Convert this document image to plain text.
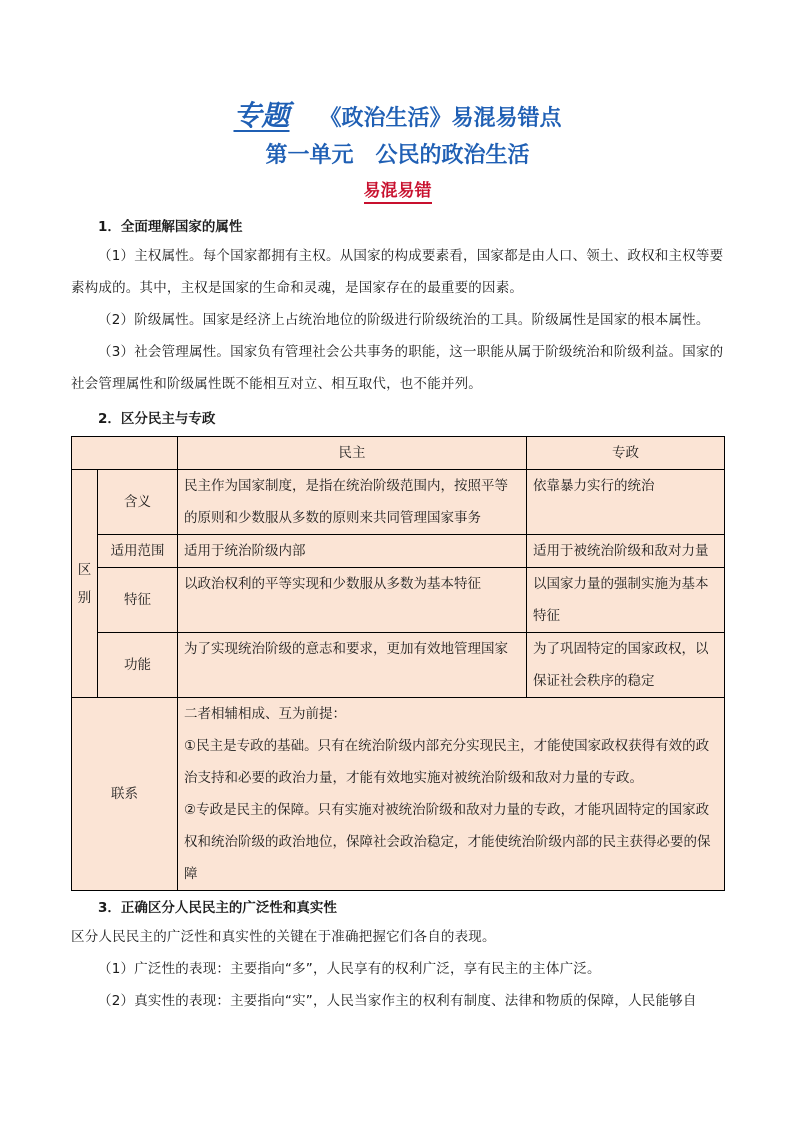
专题 《政治生活》易混易错点
第一单元　公民的政治生活
易混易错
1．全面理解国家的属性

（1）主权属性。每个国家都拥有主权。从国家的构成要素看，国家都是由人口、领土、政权和主权等要素构成的。其中，主权是国家的生命和灵魂，是国家存在的最重要的因素。

（2）阶级属性。国家是经济上占统治地位的阶级进行阶级统治的工具。阶级属性是国家的根本属性。

（3）社会管理属性。国家负有管理社会公共事务的职能，这一职能从属于阶级统治和阶级利益。国家的社会管理属性和阶级属性既不能相互对立、相互取代，也不能并列。

2．区分民主与专政
		民主	专政
区别	含义	民主作为国家制度，是指在统治阶级范围内，按照平等的原则和少数服从多数的原则来共同管理国家事务	依靠暴力实行的统治
	适用范围	适用于统治阶级内部	适用于被统治阶级和敌对力量
	特征	以政治权利的平等实现和少数服从多数为基本特征	以国家力量的强制实施为基本特征
	功能	为了实现统治阶级的意志和要求，更加有效地管理国家	为了巩固特定的国家政权，以保证社会秩序的稳定
联系		二者相辅相成、互为前提：
①民主是专政的基础。只有在统治阶级内部充分实现民主，才能使国家政权获得有效的政治支持和必要的政治力量，才能有效地实施对被统治阶级和敌对力量的专政。
②专政是民主的保障。只有实施对被统治阶级和敌对力量的专政，才能巩固特定的国家政权和统治阶级的政治地位，保障社会政治稳定，才能使统治阶级内部的民主获得必要的保障	
3．正确区分人民民主的广泛性和真实性

区分人民民主的广泛性和真实性的关键在于准确把握它们各自的表现。

（1）广泛性的表现：主要指向“多”，人民享有的权利广泛，享有民主的主体广泛。

（2）真实性的表现：主要指向“实”，人民当家作主的权利有制度、法律和物质的保障，人民能够自
